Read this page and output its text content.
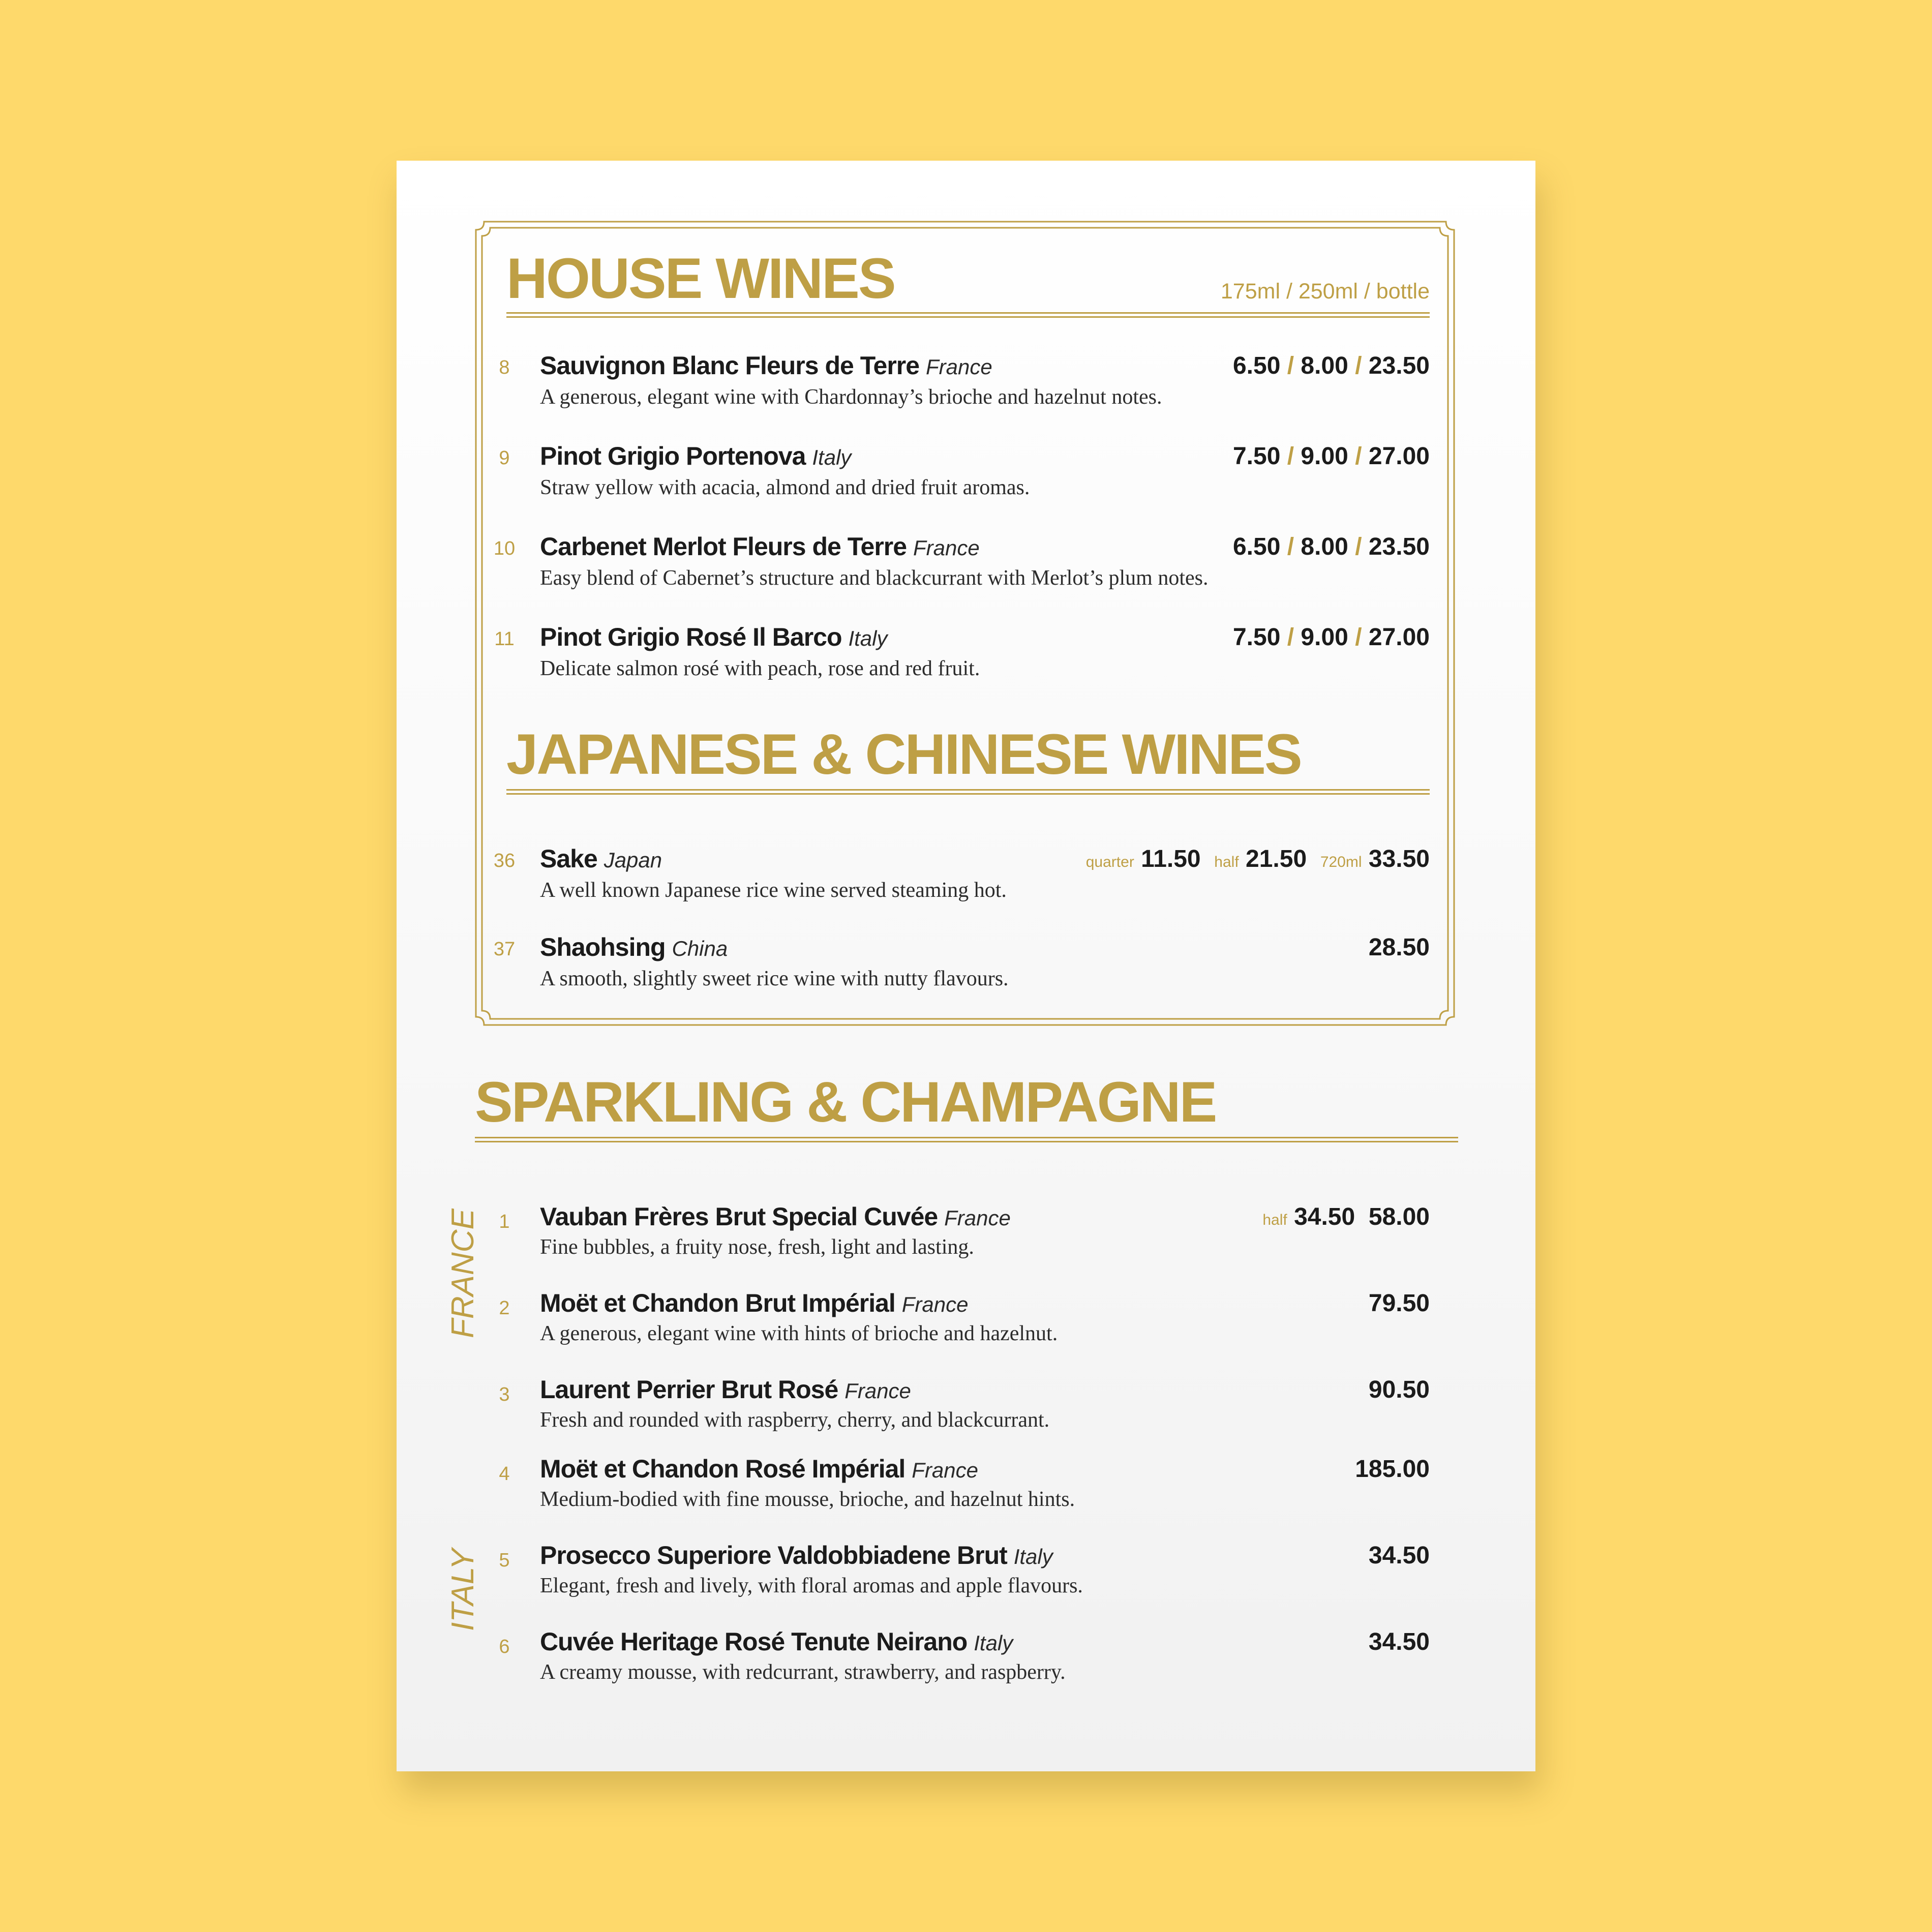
HOUSE WINES	175ml / 250ml / bottle
8	Sauvignon Blanc Fleurs de Terre France	6.50 / 8.00 / 23.50
A generous, elegant wine with Chardonnay’s brioche and hazelnut notes.
9	Pinot Grigio Portenova Italy	7.50 / 9.00 / 27.00
Straw yellow with acacia, almond and dried fruit aromas.
10 Carbenet Merlot Fleurs de Terre France	6.50 / 8.00 / 23.50
Easy blend of Cabernet’s structure and blackcurrant with Merlot’s plum notes.
11 Pinot Grigio Rosé Il Barco Italy	7.50 / 9.00 / 27.00
Delicate salmon rosé with peach, rose and red fruit.
JAPANESE & CHINESE WINES
36 Sake Japan	quarter 11.50 half 21.50 720ml 33.50
A well known Japanese rice wine served steaming hot.
37 Shaohsing China	28.50
A smooth, slightly sweet rice wine with nutty flavours.
SPARKLING & CHAMPAGNE
FRANCE
ITALY
1	Vauban Frères Brut Special Cuvée France	half 34.50 58.00
Fine bubbles, a fruity nose, fresh, light and lasting.
2	Moët et Chandon Brut Impérial France	79.50
A generous, elegant wine with hints of brioche and hazelnut.
3	Laurent Perrier Brut Rosé France	90.50
Fresh and rounded with raspberry, cherry, and blackcurrant.
4	Moët et Chandon Rosé Impérial France	185.00
Medium-bodied with fine mousse, brioche, and hazelnut hints.
5	Prosecco Superiore Valdobbiadene Brut Italy	34.50
Elegant, fresh and lively, with floral aromas and apple flavours.
6	Cuvée Heritage Rosé Tenute Neirano Italy	34.50
A creamy mousse, with redcurrant, strawberry, and raspberry.
